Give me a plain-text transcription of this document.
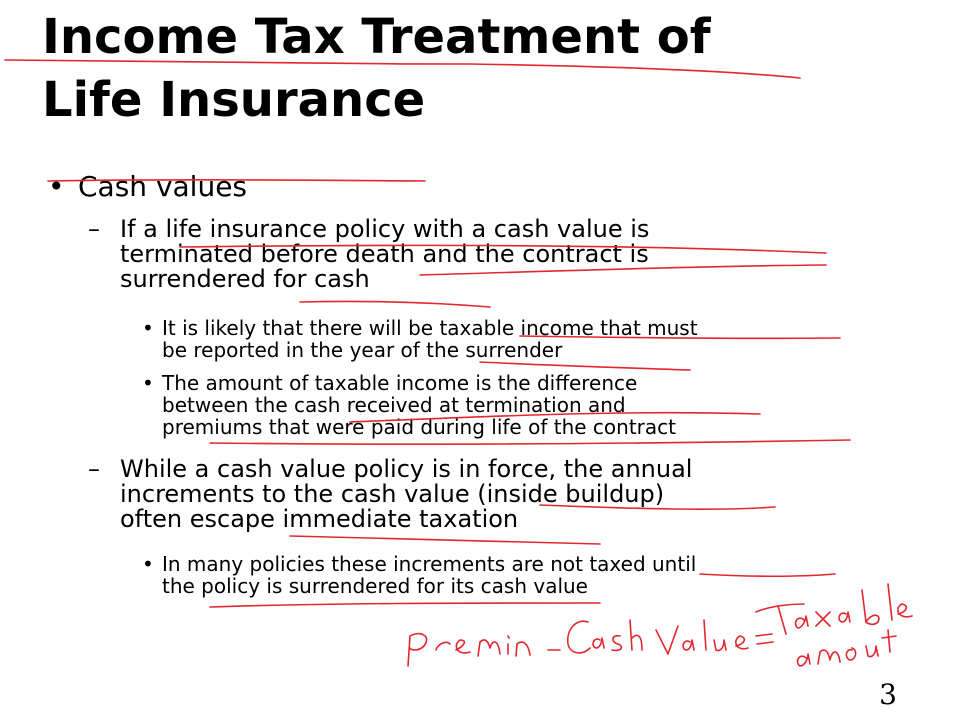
Income Tax Treatment of
Life Insurance
• Cash values
– If a life insurance policy with a cash value is
terminated before death and the contract is
surrendered for cash
• It is likely that there will be taxable income that must
be reported in the year of the surrender
• The amount of taxable income is the difference
between the cash received at termination and
premiums that were paid during life of the contract
– While a cash value policy is in force, the annual
increments to the cash value (inside buildup)
often escape immediate taxation
• In many policies these increments are not taxed until
the policy is surrendered for its cash value
3
